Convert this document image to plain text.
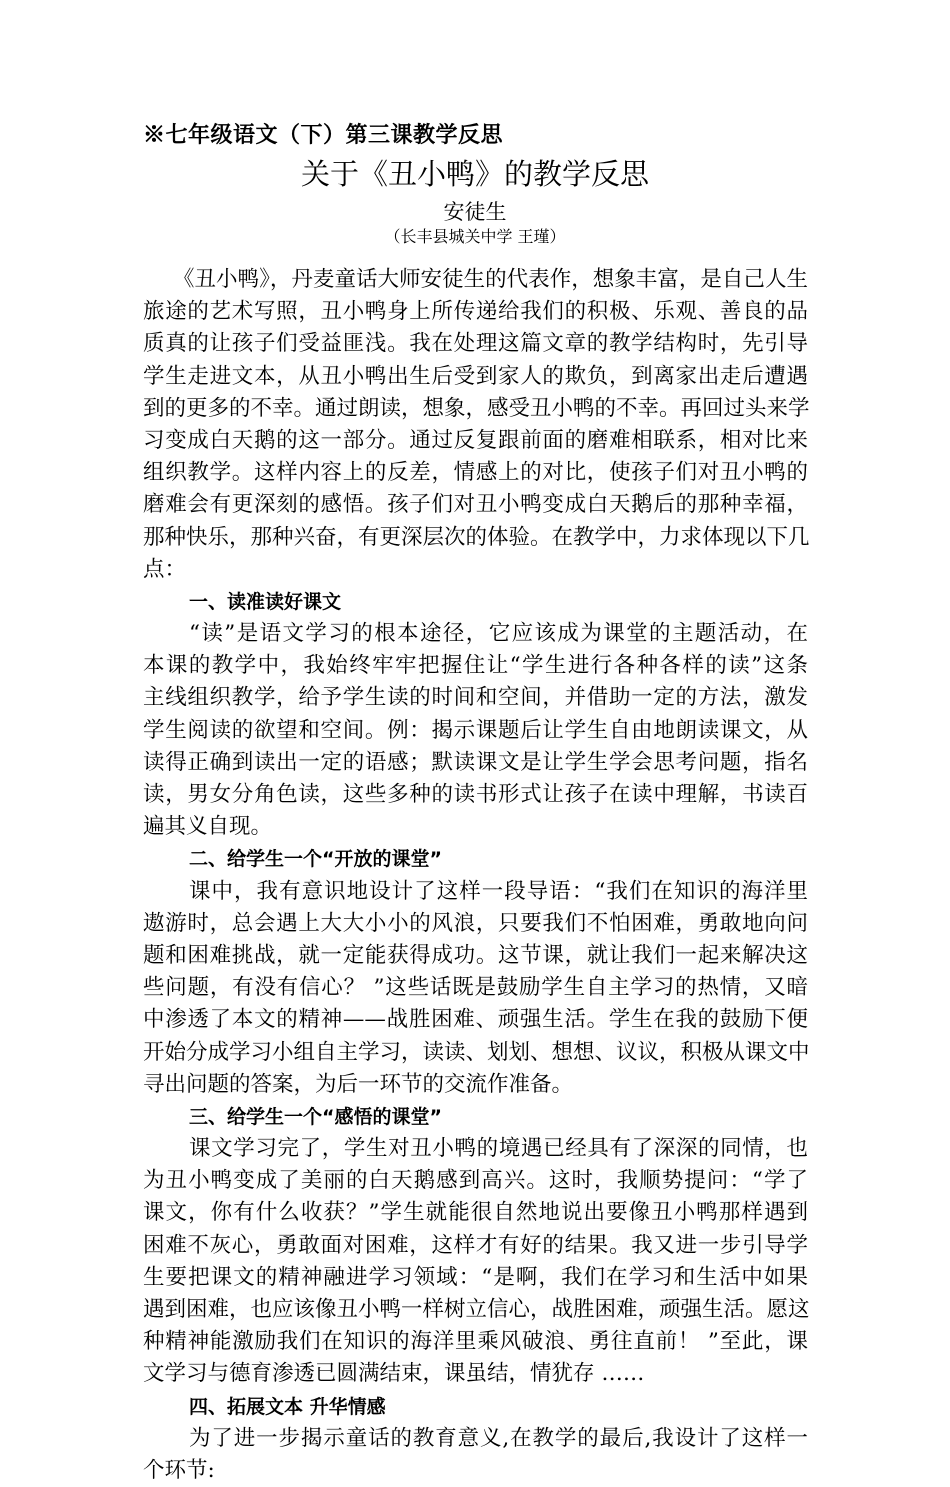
※七年级语文（下）第三课教学反思
关于《丑小鸭》的教学反思
安徒生
（长丰县城关中学 王瑾）
《丑小鸭》，丹麦童话大师安徒生的代表作，想象丰富，是自己人生
旅途的艺术写照，丑小鸭身上所传递给我们的积极、乐观、善良的品
质真的让孩子们受益匪浅。我在处理这篇文章的教学结构时，先引导
学生走进文本，从丑小鸭出生后受到家人的欺负，到离家出走后遭遇
到的更多的不幸。通过朗读，想象，感受丑小鸭的不幸。再回过头来学
习变成白天鹅的这一部分。通过反复跟前面的磨难相联系，相对比来
组织教学。这样内容上的反差，情感上的对比，使孩子们对丑小鸭的
磨难会有更深刻的感悟。孩子们对丑小鸭变成白天鹅后的那种幸福，
那种快乐，那种兴奋，有更深层次的体验。在教学中，力求体现以下几
点：
一、读准读好课文
“读”是语文学习的根本途径，它应该成为课堂的主题活动，在
本课的教学中，我始终牢牢把握住让“学生进行各种各样的读”这条
主线组织教学，给予学生读的时间和空间，并借助一定的方法，激发
学生阅读的欲望和空间。例：揭示课题后让学生自由地朗读课文，从
读得正确到读出一定的语感；默读课文是让学生学会思考问题，指名
读，男女分角色读，这些多种的读书形式让孩子在读中理解，书读百
遍其义自现。
二、给学生一个“开放的课堂”
课中，我有意识地设计了这样一段导语：“我们在知识的海洋里
遨游时，总会遇上大大小小的风浪，只要我们不怕困难，勇敢地向问
题和困难挑战，就一定能获得成功。这节课，就让我们一起来解决这
些问题，有没有信心？ ”这些话既是鼓励学生自主学习的热情，又暗
中渗透了本文的精神——战胜困难、顽强生活。学生在我的鼓励下便
开始分成学习小组自主学习，读读、划划、想想、议议，积极从课文中
寻出问题的答案，为后一环节的交流作准备。
三、给学生一个“感悟的课堂”
课文学习完了，学生对丑小鸭的境遇已经具有了深深的同情，也
为丑小鸭变成了美丽的白天鹅感到高兴。这时，我顺势提问：“学了
课文，你有什么收获？”学生就能很自然地说出要像丑小鸭那样遇到
困难不灰心，勇敢面对困难，这样才有好的结果。我又进一步引导学
生要把课文的精神融进学习领域：“是啊，我们在学习和生活中如果
遇到困难，也应该像丑小鸭一样树立信心，战胜困难，顽强生活。愿这
种精神能激励我们在知识的海洋里乘风破浪、勇往直前！ ”至此，课
文学习与德育渗透已圆满结束，课虽结，情犹存 ……
四、拓展文本 升华情感
为了进一步揭示童话的教育意义,在教学的最后,我设计了这样一
个环节:
